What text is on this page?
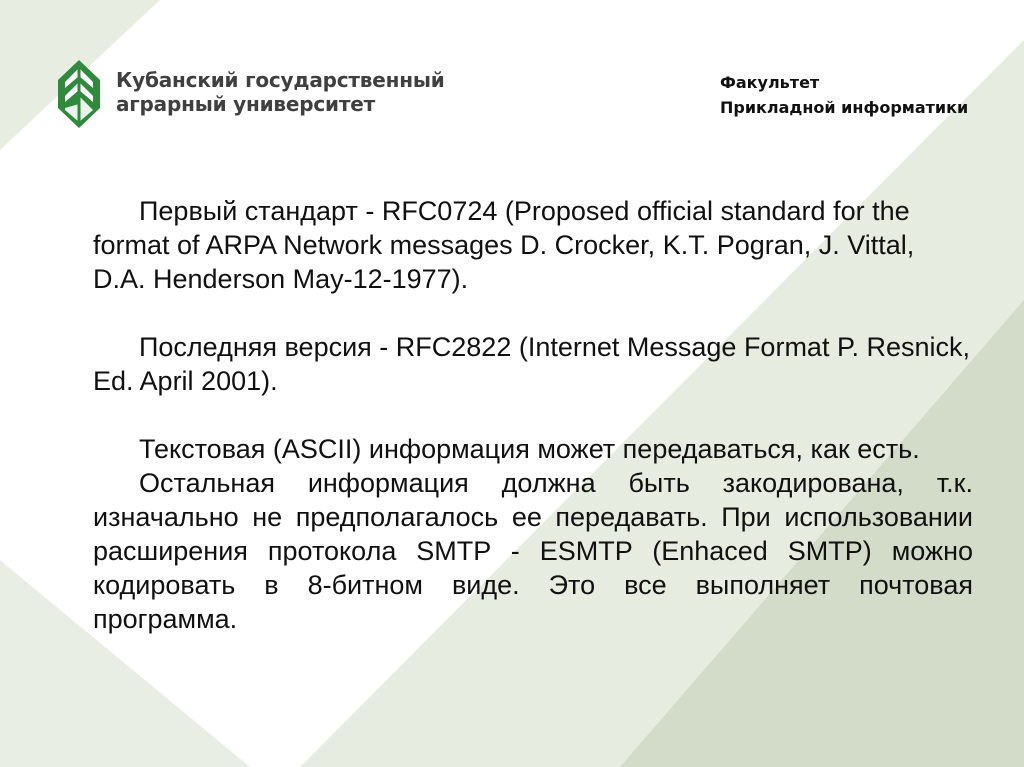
Кубанский государственный
аграрный университет

Факультет
Прикладной информатики

Первый стандарт - RFC0724 (Proposed official standard for the format of ARPA Network messages D. Crocker, K.T. Pogran, J. Vittal, D.A. Henderson May-12-1977).

Последняя версия - RFC2822 (Internet Message Format P. Resnick, Ed. April 2001).

Текстовая (ASCII) информация может передаваться, как есть.

Остальная информация должна быть закодирована, т.к. изначально не предполагалось ее передавать. При использовании расширения протокола SMTP - ESMTP (Enhaced SMTP) можно кодировать в 8-битном виде. Это все выполняет почтовая программа.
